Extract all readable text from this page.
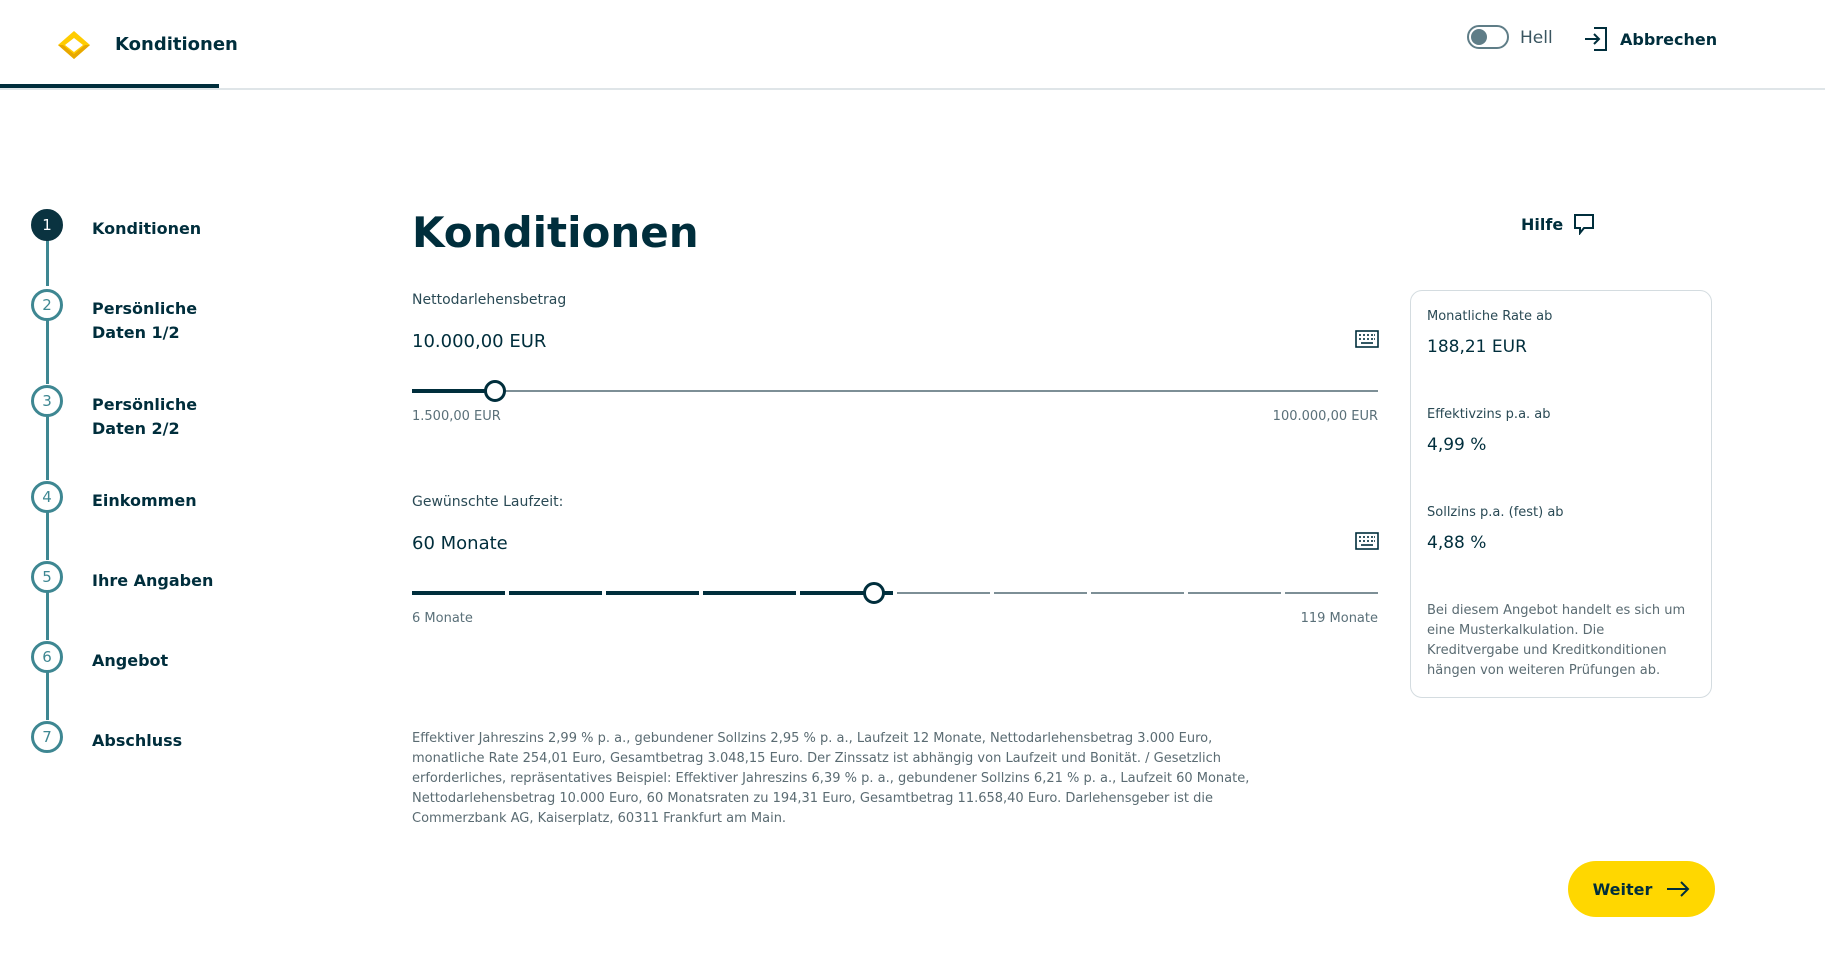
Konditionen	Hell	Abbrechen
1	Konditionen
2	Persönliche Daten 1/2
3	Persönliche Daten 2/2
4	Einkommen
5	Ihre Angaben
6	Angebot
7	Abschluss
Konditionen	Hilfe
Nettodarlehensbetrag
10.000,00 EUR
1.500,00 EUR	100.000,00 EUR
Gewünschte Laufzeit:
60 Monate
6 Monate	119 Monate

Effektiver Jahreszins 2,99 % p. a., gebundener Sollzins 2,95 % p. a., Laufzeit 12 Monate, Nettodarlehensbetrag 3.000 Euro, monatliche Rate 254,01 Euro, Gesamtbetrag 3.048,15 Euro. Der Zinssatz ist abhängig von Laufzeit und Bonität. / Gesetzlich erforderliches, repräsentatives Beispiel: Effektiver Jahreszins 6,39 % p. a., gebundener Sollzins 6,21 % p. a., Laufzeit 60 Monate, Nettodarlehensbetrag 10.000 Euro, 60 Monatsraten zu 194,31 Euro, Gesamtbetrag 11.658,40 Euro. Darlehensgeber ist die Commerzbank AG, Kaiserplatz, 60311 Frankfurt am Main.

Monatliche Rate ab
188,21 EUR
Effektivzins p.a. ab
4,99 %
Sollzins p.a. (fest) ab
4,88 %

Bei diesem Angebot handelt es sich um eine Musterkalkulation. Die Kreditvergabe und Kreditkonditionen hängen von weiteren Prüfungen ab.

Weiter
